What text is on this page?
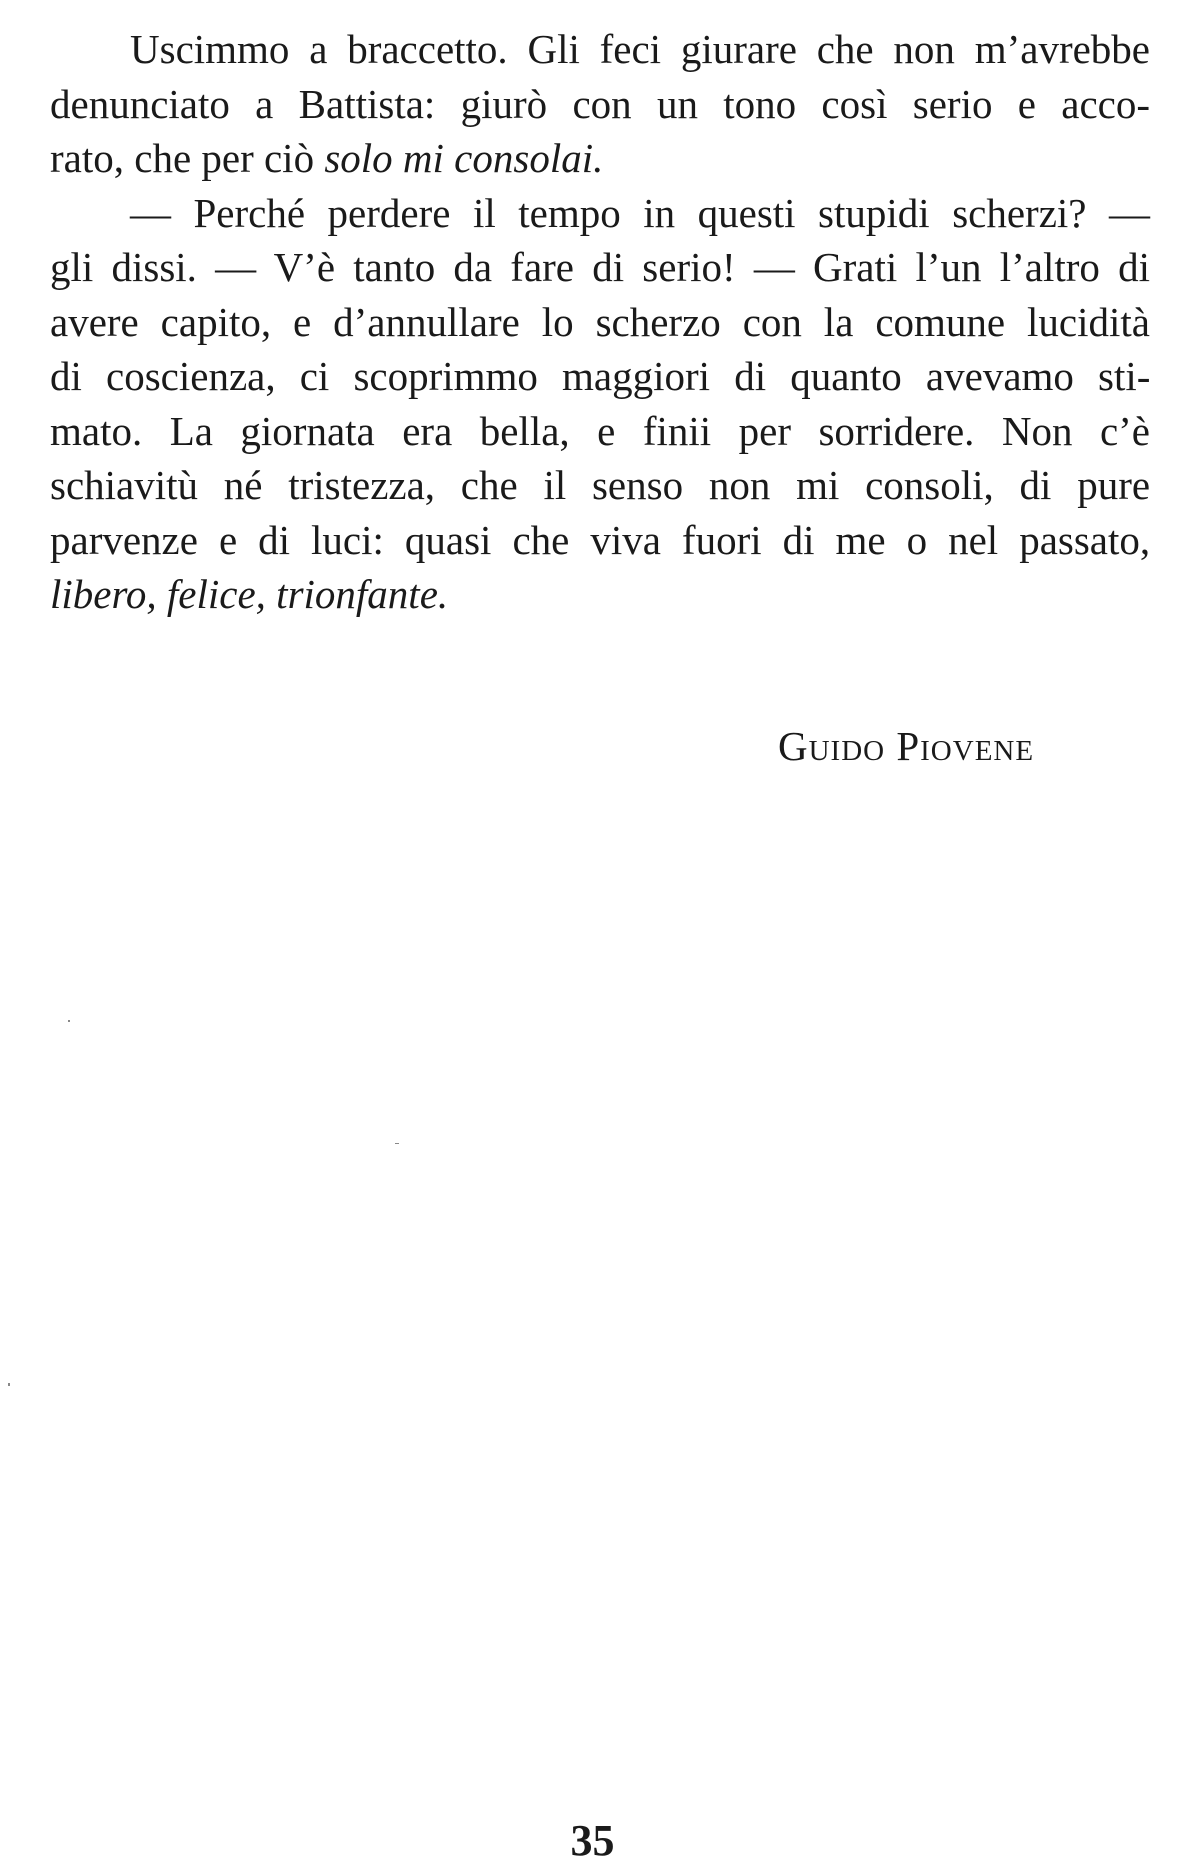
Uscimmo a braccetto. Gli feci giurare che non m’avrebbe
denunciato a Battista: giurò con un tono così serio e acco-
rato, che per ciò solo mi consolai.
— Perché perdere il tempo in questi stupidi scherzi? —
gli dissi. — V’è tanto da fare di serio! — Grati l’un l’altro di
avere capito, e d’annullare lo scherzo con la comune lucidità
di coscienza, ci scoprimmo maggiori di quanto avevamo sti-
mato. La giornata era bella, e finii per sorridere. Non c’è
schiavitù né tristezza, che il senso non mi consoli, di pure
parvenze e di luci: quasi che viva fuori di me o nel passato,
libero, felice, trionfante.
Guido Piovene
35
